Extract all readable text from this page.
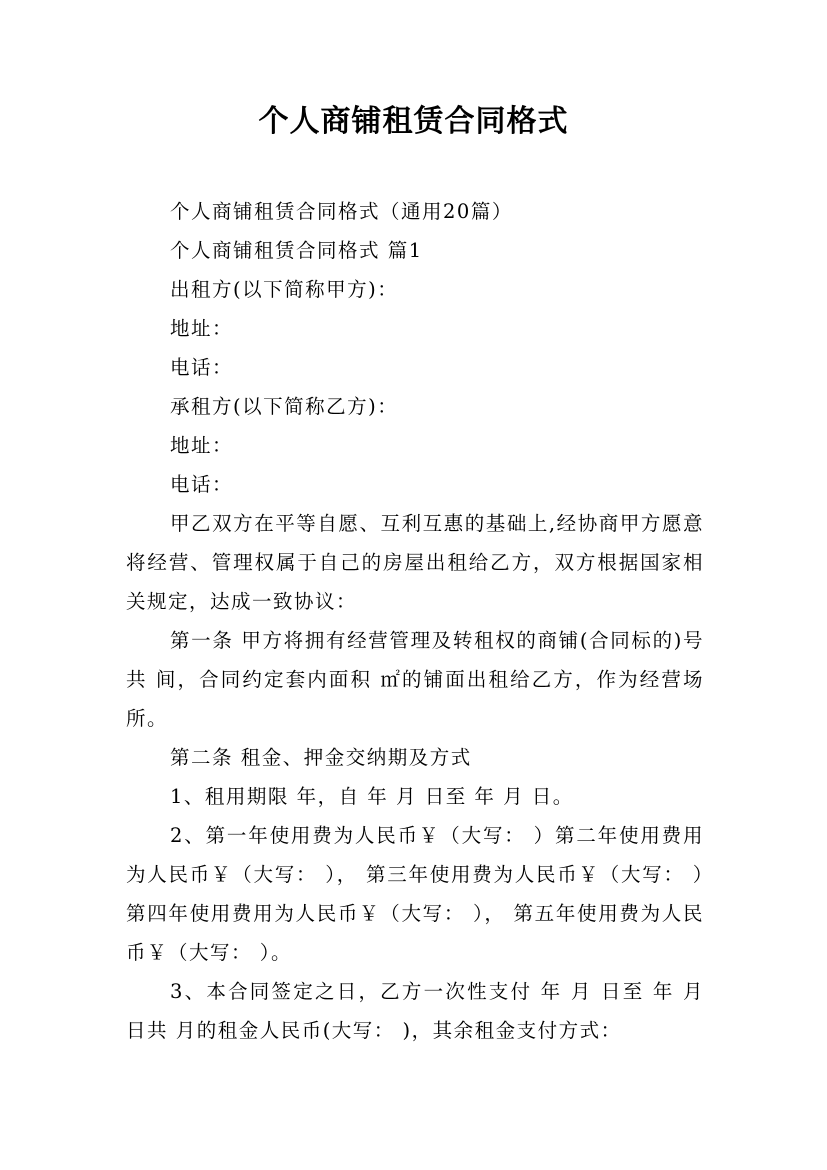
个人商铺租赁合同格式

个人商铺租赁合同格式（通用20篇）

个人商铺租赁合同格式 篇1

出租方(以下简称甲方)：

地址：

电话：

承租方(以下简称乙方)：

地址：

电话：

甲乙双方在平等自愿、互利互惠的基础上,经协商甲方愿意将经营、管理权属于自己的房屋出租给乙方，双方根据国家相关规定，达成一致协议：

第一条 甲方将拥有经营管理及转租权的商铺(合同标的)号共 间，合同约定套内面积 ㎡的铺面出租给乙方，作为经营场所。

第二条 租金、押金交纳期及方式

1、租用期限 年，自 年 月 日至 年 月 日。

2、第一年使用费为人民币￥（大写： ）第二年使用费用为人民币￥（大写： ）， 第三年使用费为人民币￥（大写： ）第四年使用费用为人民币￥（大写： ）， 第五年使用费为人民币￥（大写： ）。

3、本合同签定之日，乙方一次性支付 年 月 日至 年 月 日共 月的租金人民币(大写： )，其余租金支付方式：
